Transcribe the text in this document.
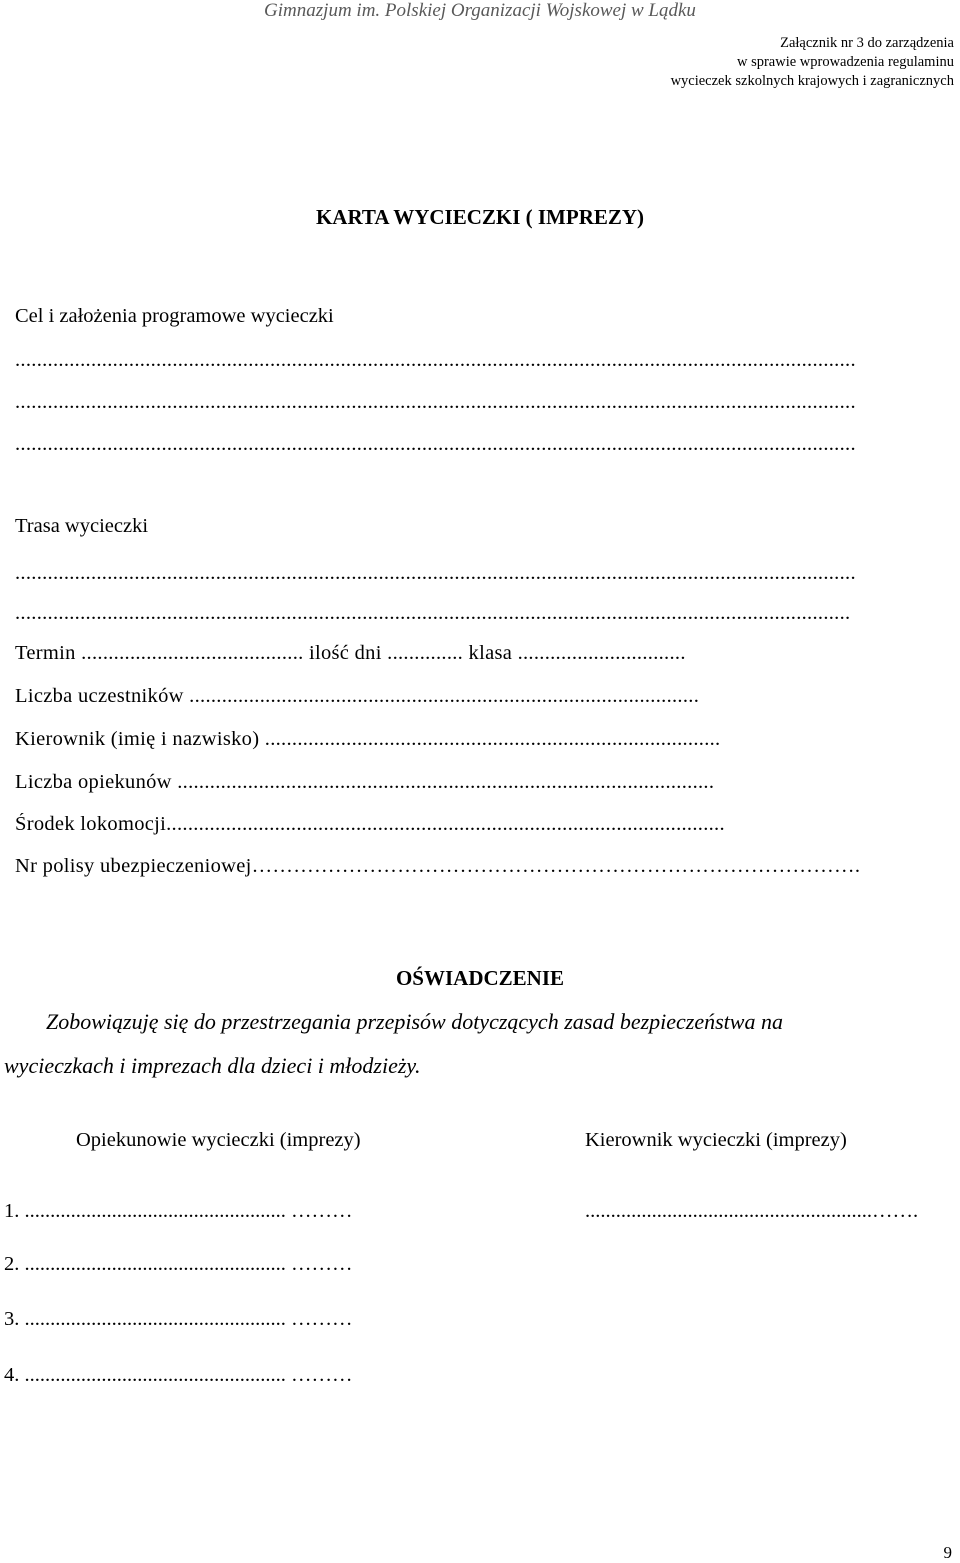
Gimnazjum im. Polskiej Organizacji Wojskowej w Lądku
Załącznik nr 3 do zarządzenia
w sprawie wprowadzenia regulaminu
wycieczek szkolnych krajowych i zagranicznych
KARTA WYCIECZKI ( IMPREZY)
Cel i założenia programowe wycieczki
...........................................................................................................................................................
...........................................................................................................................................................
...........................................................................................................................................................
Trasa wycieczki
...........................................................................................................................................................
..........................................................................................................................................................
Termin ......................................... ilość dni .............. klasa ...............................
Liczba uczestników ..............................................................................................
Kierownik (imię i nazwisko) ....................................................................................
Liczba opiekunów ...................................................................................................
Środek lokomocji.......................................................................................................
Nr polisy ubezpieczeniowej…………………………………………………………………………….
OŚWIADCZENIE
Zobowiązuję się do przestrzegania przepisów dotyczących zasad bezpieczeństwa na
wycieczkach i imprezach dla dzieci i młodzieży.
Opiekunowie wycieczki (imprezy)	Kierownik wycieczki (imprezy)
1. ................................................... ………	........................................................…….
2. ................................................... ………
3. ................................................... ………
4. ................................................... ………
9
